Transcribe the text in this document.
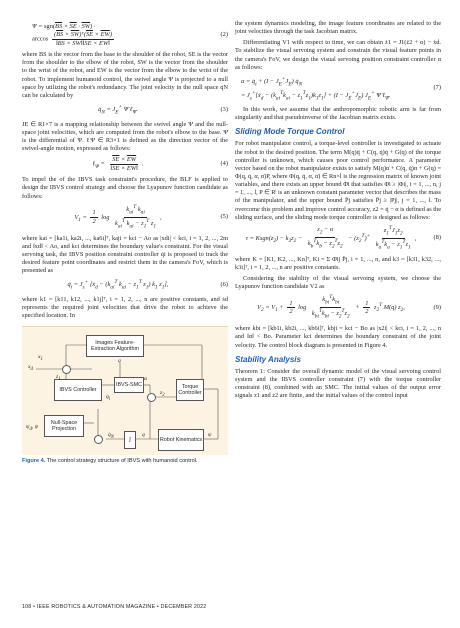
$\Psi = sgn(\overline{BS} \times \overline{SE} \cdot \overline{SW})$ ·
$\arccos \frac{(\overline{BS} \times \overline{SW})ᵀ(\overline{SE} \times \overline{EW})}{‖\overline{BS} \times \overline{SW}‖‖\overline{SE} \times \overline{EW}‖}$	(2)

where BS is the vector from the base to the shoulder of the robot, SE is the vector from the shoulder to the elbow of the robot, SW is the vector from the shoulder to the wrist of the robot, and EW is the vector from the elbow to the wrist of the robot. To implement humanoid control, the swivel angle Ψ is projected to a null space by utilizing the robot's redundancy. The joint velocity in the null space q̇N can be calculated by

$q̇_N = J_E^+$ Ψ̇ ℓ$_\Psi$.	(3)

JE ∈ R1×7 is a mapping relationship between the swivel angle Ψ and the null-space joint velocities, which are computed from the robot's elbow to the base. Ψ̇ is the differential of Ψ. ℓΨ ∈ R3×1 is defined as the direction vector of the swivel-angle motion, expressed as follows:

ℓ$_\Psi$ = $\frac{\overline{SE} \times \overline{EW}}{‖\overline{SE} \times \overline{EW}‖}$ .	(4)

To impel the of the IBVS task constraint's procedure, the BLF is applied to design the IBVS control strategy and choose the Lyapunov function candidate as follows:

$V_1 = \frac{1}{2}$ $\log \frac{k_{ai}^T k_{ai}}{k_{ai}^T k_{ai} - z_1^T z_1}$ ,	(5)

where kai = [ka1i, ka2i, ..., ka6i]ᵀ, kaji = kci − Ao as |xdi| < kci, i = 1, 2, ..., 2m and ‖xd‖ < Ao, and kci determines the boundary value's constraint. For the visual servoing task, the IBVS position constraint controller q̇i is proposed to track the desired feature point coordinates and restrict them in the camera's FoV, which is presented as

$q̇_i = J_s^+$ [ẋ$_d$ − ($k_{ai}^T$ $k_{ai} - z_1^T$ $z_1$) $k_1$ $z_1$],	(6)

where k1 = [k11, k12, ..., k1j]ᵀ, i = 1, 2, ..., n are positive constants, and ṡd represents the required joint velocities that drive the robot to achieve the specified location. In

Images Feature-Extraction Algorithm
IBVS Controller
IBVS-SMC	Torque Controller
Null-Space Projection
∫	Robot Kinematics
$x_1$
$x_d$
$z_1$
q
$q̇_i$
$z_2$
α
$\psi_d$, ψ
$q̇_N$	q	ψ
Figure 4. The control strategy structure of IBVS with humanoid control.

the system dynamics modeling, the image feature coordinates are related to the joint velocities through the task Jacobian matrix.

Differentiating V1 with respect to time, we can obtain ż1 = J1(ż2 + α) − ẋd. To stabilize the visual servoing system and constrain the visual feature points in the camera's FoV, we design the visual servoing position constraint controller α as follows:

$\alpha = q̇_i + (I - J_E^+J_E)$ $q̇_N$
= $J_s^+[ẋ_d - (k_{ai}^Tk_{ai} - z_1^Tz_1)k_1z_1] + (I - J_E^+J_E)$ $J_E^+$ Ψ̇ ℓ$_\Psi$.
(7)

In this work, we assume that the anthropomorphic robotic arm is far from singularity and that pseudoinverse of the Jacobian matrix exists.

Sliding Mode Torque Control

For robot manipulator control, a torque-level controller is investigated to actuate the robot to the desired position. The term M(q)q̈ + C(q, q̇)q̇ + G(q) of the torque controller is unknown, which causes poor control performance. A parameter vector based on the robot manipulator exists to satisfy M(q)α̇ + C(q, q̇)α + G(q) = Φ(q, q̇, α, α̇)P, where Φ(q, q̇, α, α̇) ∈ Rn×l is the regression matrix of known joint variables, and there exists an upper bound Φ̄i that satisfies Φ̄i ≥ |Φi|, i = 1, ..., n, j = 1, ..., l, P ∈ Rˡ is an unknown constant parameter vector that describes the mass of the manipulator, and the upper bound P̄j satisfies P̄j ≥ |Pj|, j = 1, ..., l. To overcome this problem and improve control accuracy, z2 = q̇ − α is defined as the sliding surface, and the sliding mode torque controller is designed as follows:

$\tau = Ksgn(z_2) - k_3z_2 - \frac{z_2 - \alpha}{k_b^Tk_b - z_2^Tz_2} - (z_2^T)^+ \frac{z_1^TJ_1z_2}{k_a^Tk_a - z_1^Tz_1}$ ,	(8)

where K = [K1, K2, ..., Kn]ᵀ, Ki = Σ Φ̄ij P̄j, i = 1, ..., n, and k3 = [k31, k32, ..., k3i]ᵀ, i = 1, 2, ..., n are positive constants.

Considering the stability of the visual servoing system, we choose the Lyapunov function candidate V2 as

$V_2 = V_1 + \frac{1}{2}$ $\log \frac{k_{bi}^Tk_{bi}}{k_{bi}^Tk_{bi} - z_2^Tz_2} + \frac{1}{2} z_2^T$ M(q) $z_2$,	(9)

where kbi = [kb1i, kb2i, ..., kb6i]ᵀ, kbji = kci − Bo as |x2i| < kci, i = 1, 2, ..., n and ‖α‖ < Bo. Parameter kci determines the boundary constraint of the joint velocity. The control block diagram is presented in Figure 4.

Stability Analysis

Theorem 1: Consider the overall dynamic model of the visual servoing control system and the IBVS controller constraint (7) with the torque controller constraint (8), combined with an SMC. The initial values of the output error signals z1 and z2 are finite, and the initial values of the control input

108 • IEEE ROBOTICS & AUTOMATION MAGAZINE • DECEMBER 2022
